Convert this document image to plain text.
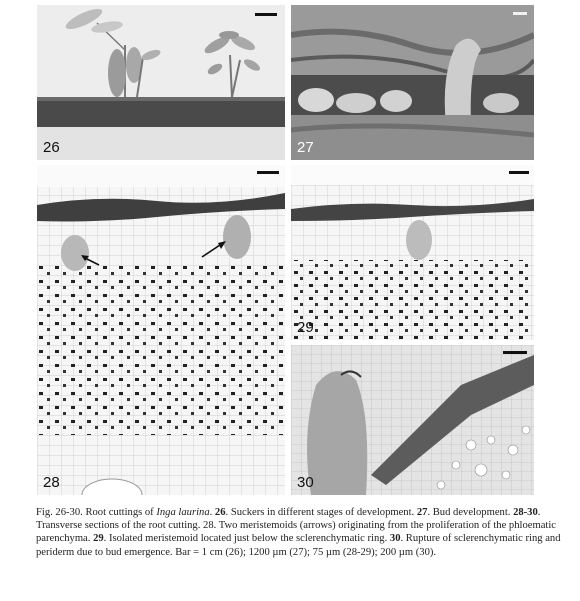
26	27
28
29
30
Fig. 26-30. Root cuttings of Inga laurina. 26. Suckers in different stages of development. 27. Bud development. 28-30. Transverse sections of the root cutting. 28. Two meristemoids (arrows) originating from the proliferation of the phloematic parenchyma. 29. Isolated meristemoid located just below the sclerenchymatic ring. 30. Rupture of sclerenchymatic ring and periderm due to bud emergence. Bar = 1 cm (26); 1200 µm (27); 75 µm (28-29); 200 µm (30).
